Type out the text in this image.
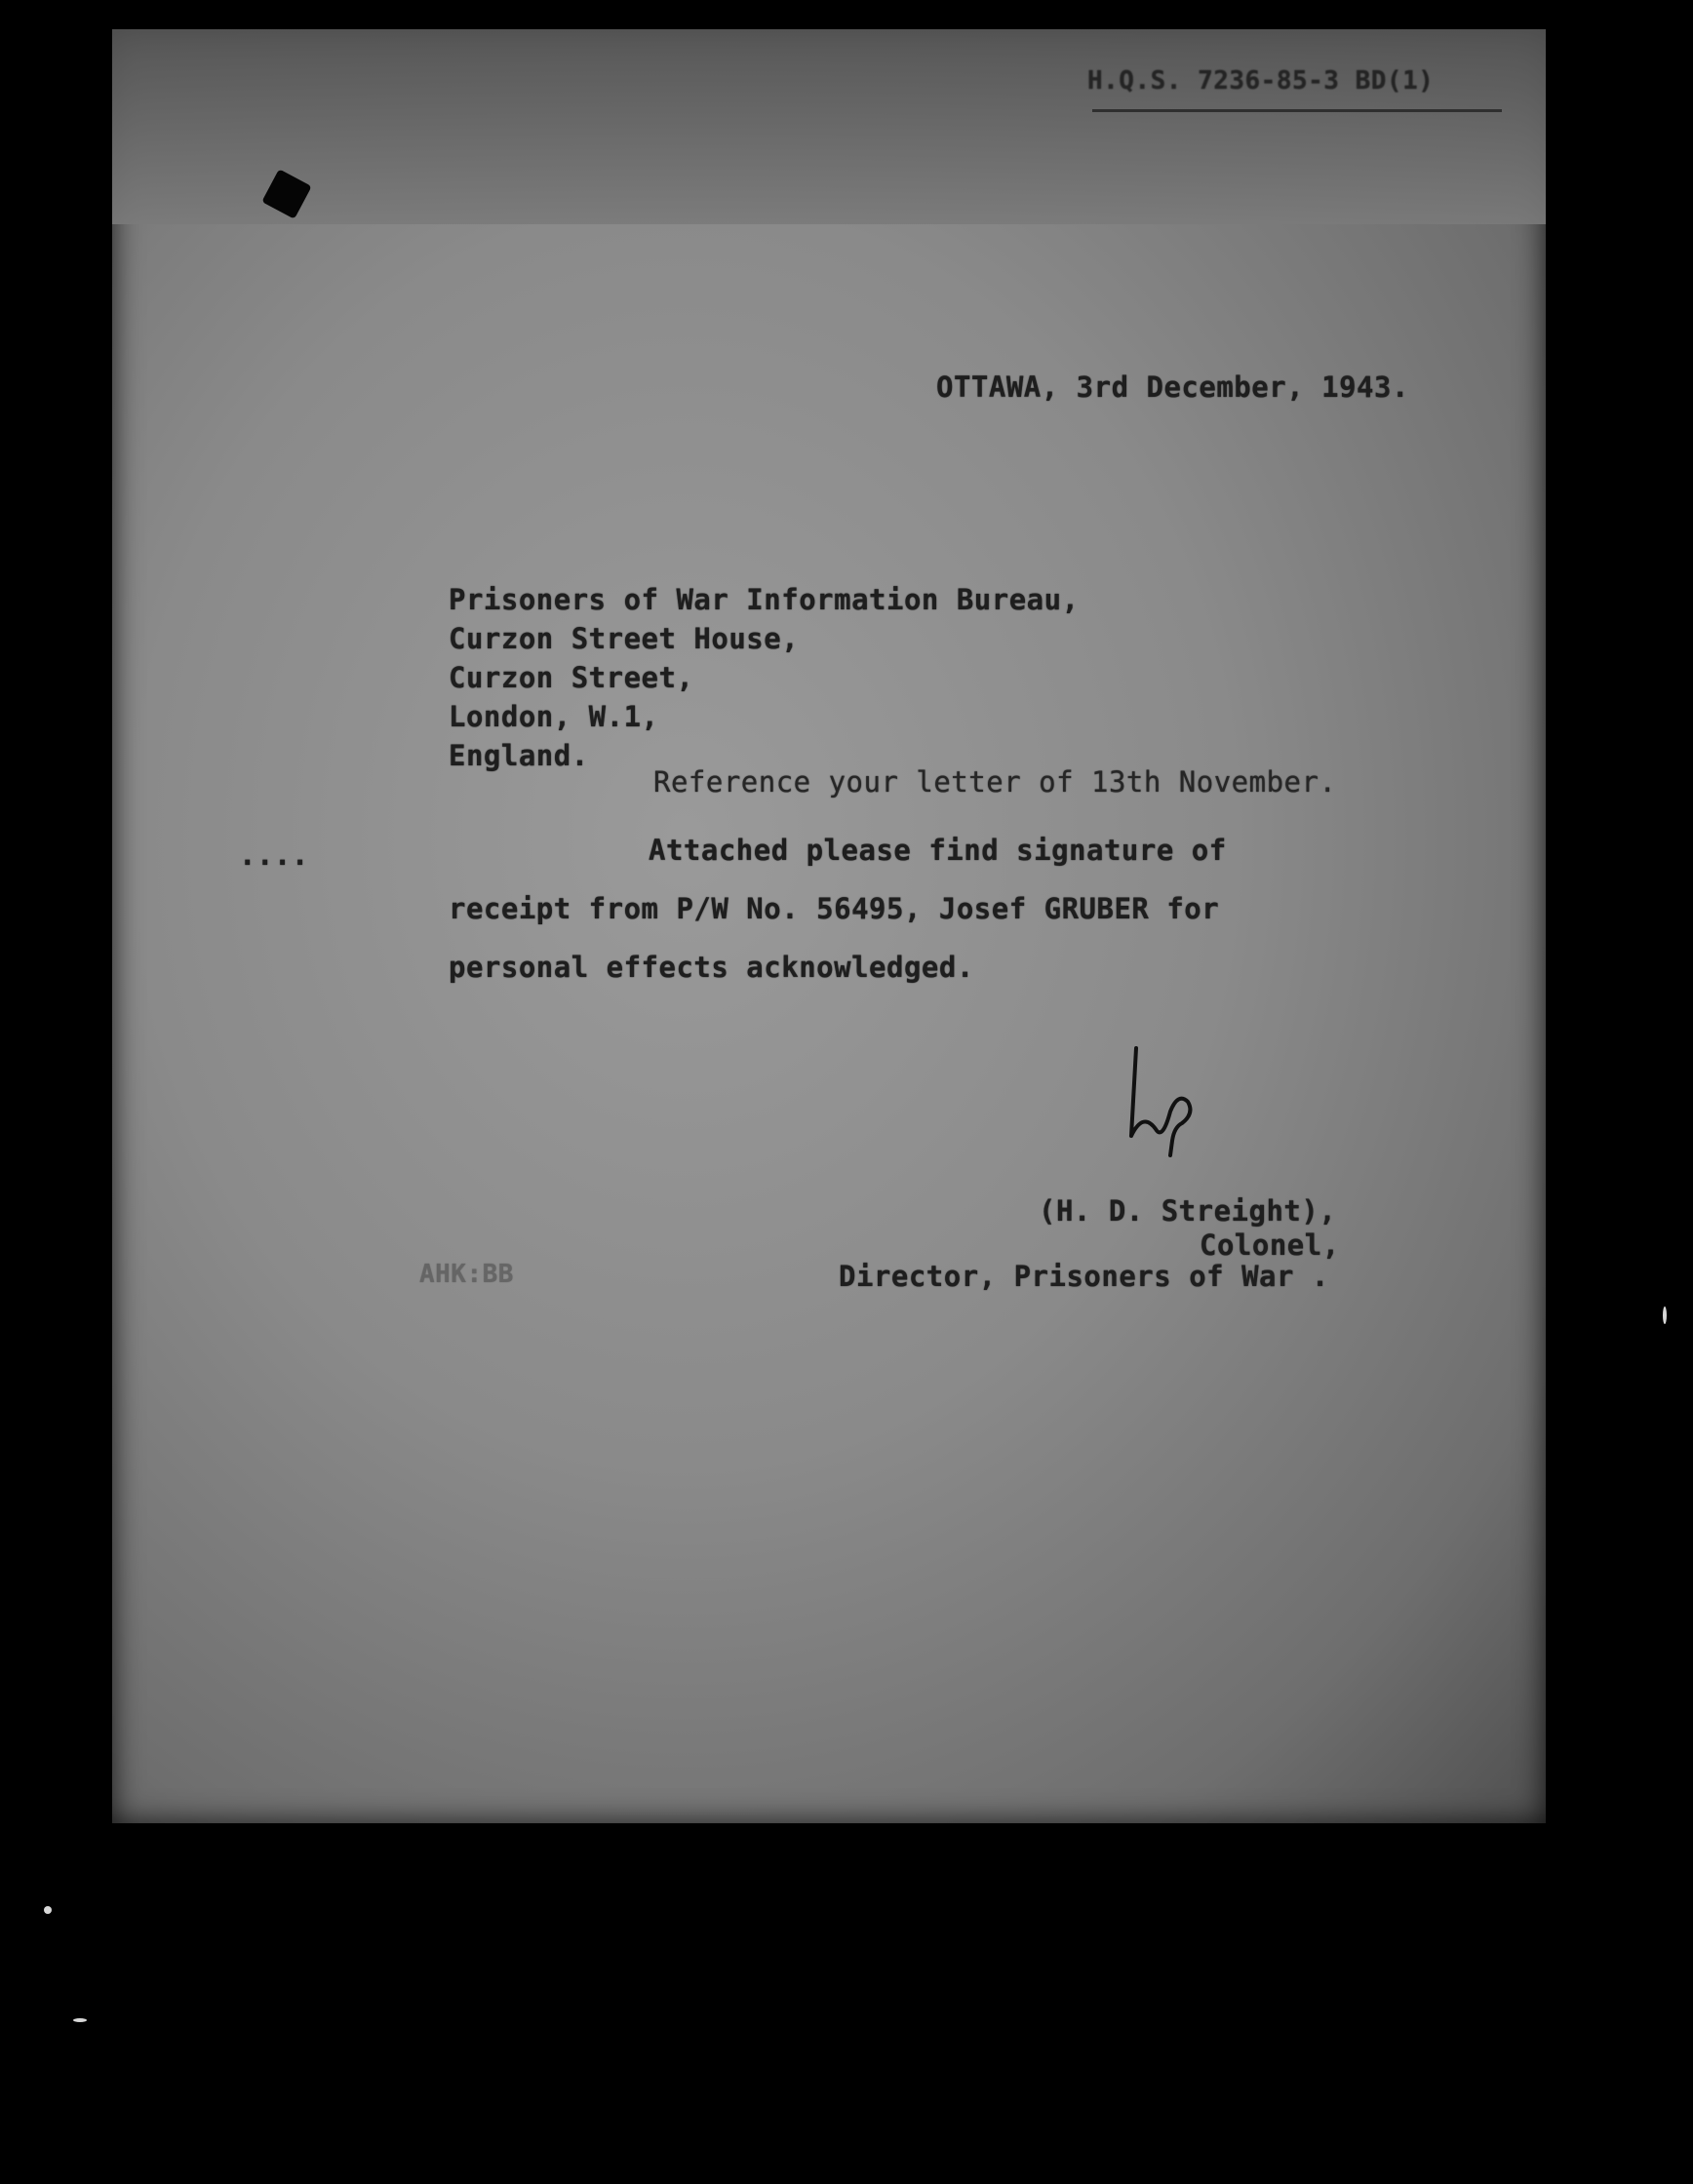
H.Q.S. 7236-85-3 BD(1)
OTTAWA, 3rd December, 1943.
Prisoners of War Information Bureau,
Curzon Street House,
Curzon Street,
London, W.1,
England.
Reference your letter of 13th November.
....	Attached please find signature of
receipt from P/W No. 56495, Josef GRUBER for
personal effects acknowledged.
(H. D. Streight),
Colonel,
Director, Prisoners of War .
AHK:BB
